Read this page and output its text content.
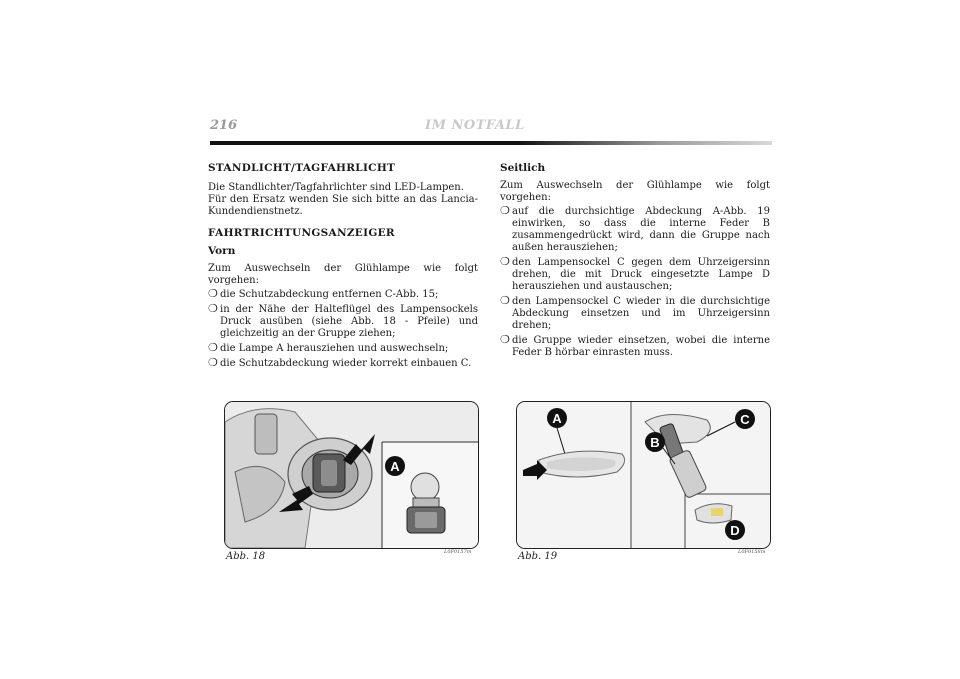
216	IM NOTFALL

STANDLICHT/TAGFAHRLICHT

Die Standlichter/Tagfahrlichter sind LED-Lampen.

Für den Ersatz wenden Sie sich bitte an das Lancia-Kundendienstnetz.

FAHRTRICHTUNGSANZEIGER

Vorn

Zum Auswechseln der Glühlampe wie folgt vorgehen:

❍ die Schutzabdeckung entfernen C-Abb. 15;
❍ in der Nähe der Halteflügel des Lampensockels Druck ausüben (siehe Abb. 18 - Pfeile) und gleichzeitig an der Gruppe ziehen;
❍ die Lampe A herausziehen und auswechseln;
❍ die Schutzabdeckung wieder korrekt einbauen C.

Seitlich

Zum Auswechseln der Glühlampe wie folgt vorgehen:

❍ auf die durchsichtige Abdeckung A-Abb. 19 einwirken, so dass die interne Feder B zusammengedrückt wird, dann die Gruppe nach außen herausziehen;
❍ den Lampensockel C gegen dem Uhrzeigersinn drehen, die mit Druck eingesetzte Lampe D herausziehen und austauschen;
❍ den Lampensockel C wieder in die durchsichtige Abdeckung einsetzen und im Uhrzeigersinn drehen;
❍ die Gruppe wieder einsetzen, wobei die interne Feder B hörbar einrasten muss.
A
Abb. 18	L0F0157m
A	C
B
D
Abb. 19	L0F0158m
